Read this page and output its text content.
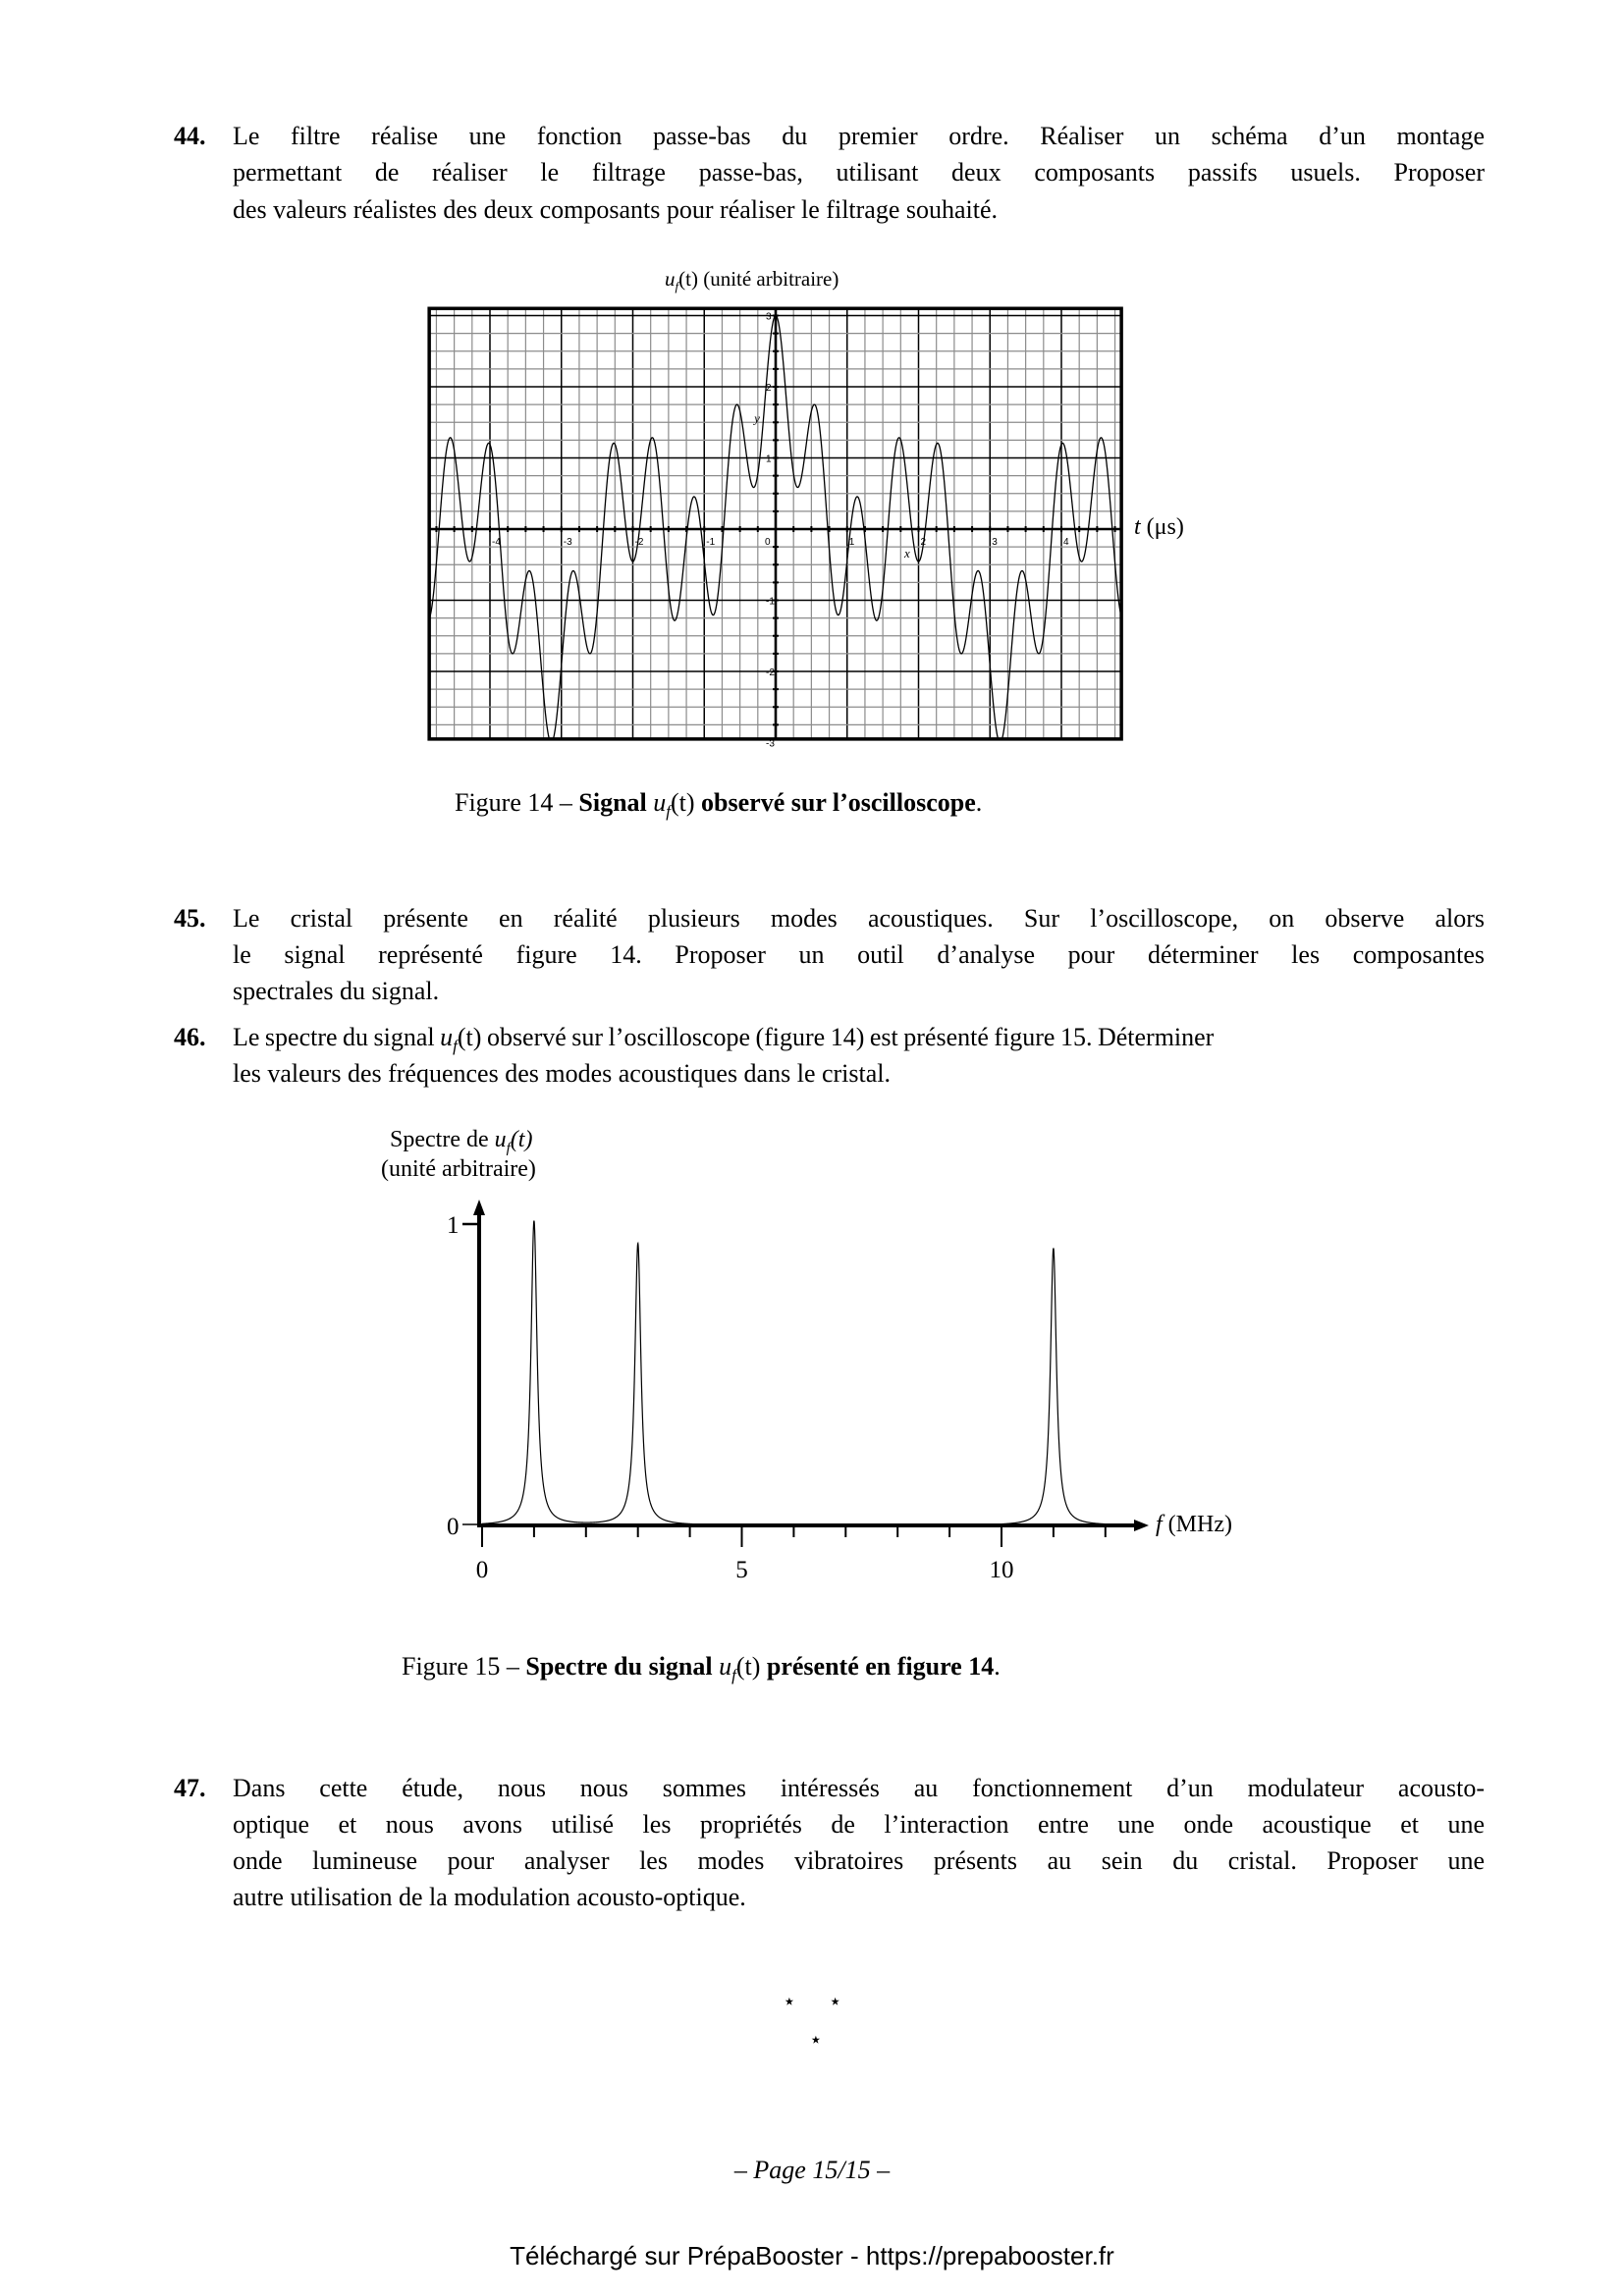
44. Le filtre réalise une fonction passe-bas du premier ordre. Réaliser un schéma d’un montage
permettant de réaliser le filtrage passe-bas, utilisant deux composants passifs usuels. Proposer
des valeurs réalistes des deux composants pour réaliser le filtrage souhaité.
$u_f(t)$ (unité arbitraire)
-4	-3	-2	-1	0	1	2	3	4
3
2
1
-1
-2
-3
y
x
t (μs)
Figure 14 – Signal $u_f(t)$ observé sur l’oscilloscope.
45. Le cristal présente en réalité plusieurs modes acoustiques. Sur l’oscilloscope, on observe alors
le signal représenté figure 14. Proposer un outil d’analyse pour déterminer les composantes
spectrales du signal.
46. Le spectre du signal $u_f(t)$ observé sur l’oscilloscope (figure 14) est présenté figure 15. Déterminer
les valeurs des fréquences des modes acoustiques dans le cristal.
Spectre de $u_f(t)$
(unité arbitraire)
0
1
0	5	10
f (MHz)
Figure 15 – Spectre du signal $u_f(t)$ présenté en figure 14.
47. Dans cette étude, nous nous sommes intéressés au fonctionnement d’un modulateur acousto-
optique et nous avons utilisé les propriétés de l’interaction entre une onde acoustique et une
onde lumineuse pour analyser les modes vibratoires présents au sein du cristal. Proposer une
autre utilisation de la modulation acousto-optique.
⋆      ⋆
⋆
– Page 15/15 –
Téléchargé sur PrépaBooster - https://prepabooster.fr
